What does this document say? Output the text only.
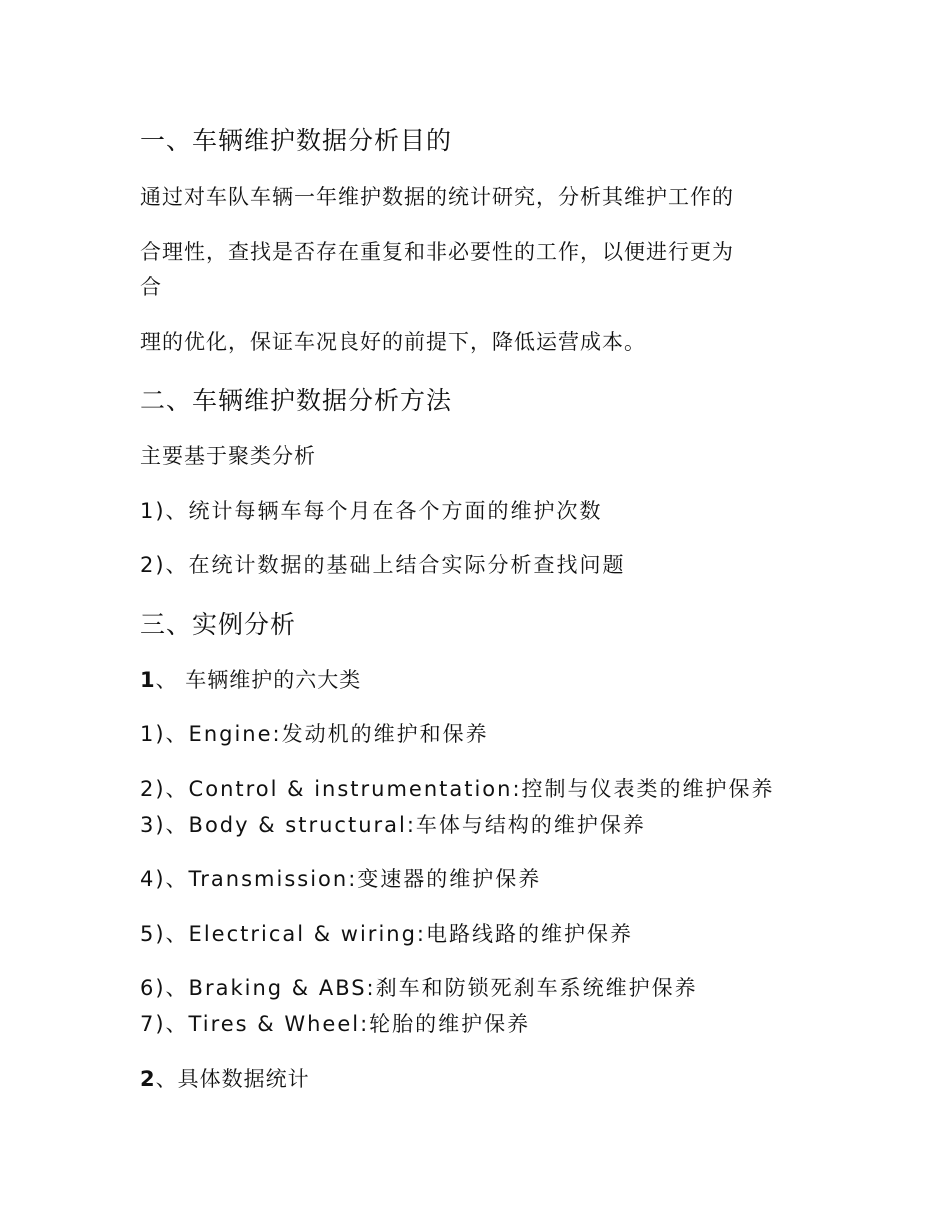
一、车辆维护数据分析目的

通过对车队车辆一年维护数据的统计研究，分析其维护工作的

合理性，查找是否存在重复和非必要性的工作，以便进行更为

合

理的优化，保证车况良好的前提下，降低运营成本。

二、车辆维护数据分析方法

主要基于聚类分析

1)、统计每辆车每个月在各个方面的维护次数

2)、在统计数据的基础上结合实际分析查找问题

三、实例分析

1、 车辆维护的六大类

1)、Engine:发动机的维护和保养

2)、Control & instrumentation:控制与仪表类的维护保养

3)、Body & structural:车体与结构的维护保养

4)、Transmission:变速器的维护保养

5)、Electrical & wiring:电路线路的维护保养

6)、Braking & ABS:刹车和防锁死刹车系统维护保养

7)、Tires & Wheel:轮胎的维护保养

2、具体数据统计
